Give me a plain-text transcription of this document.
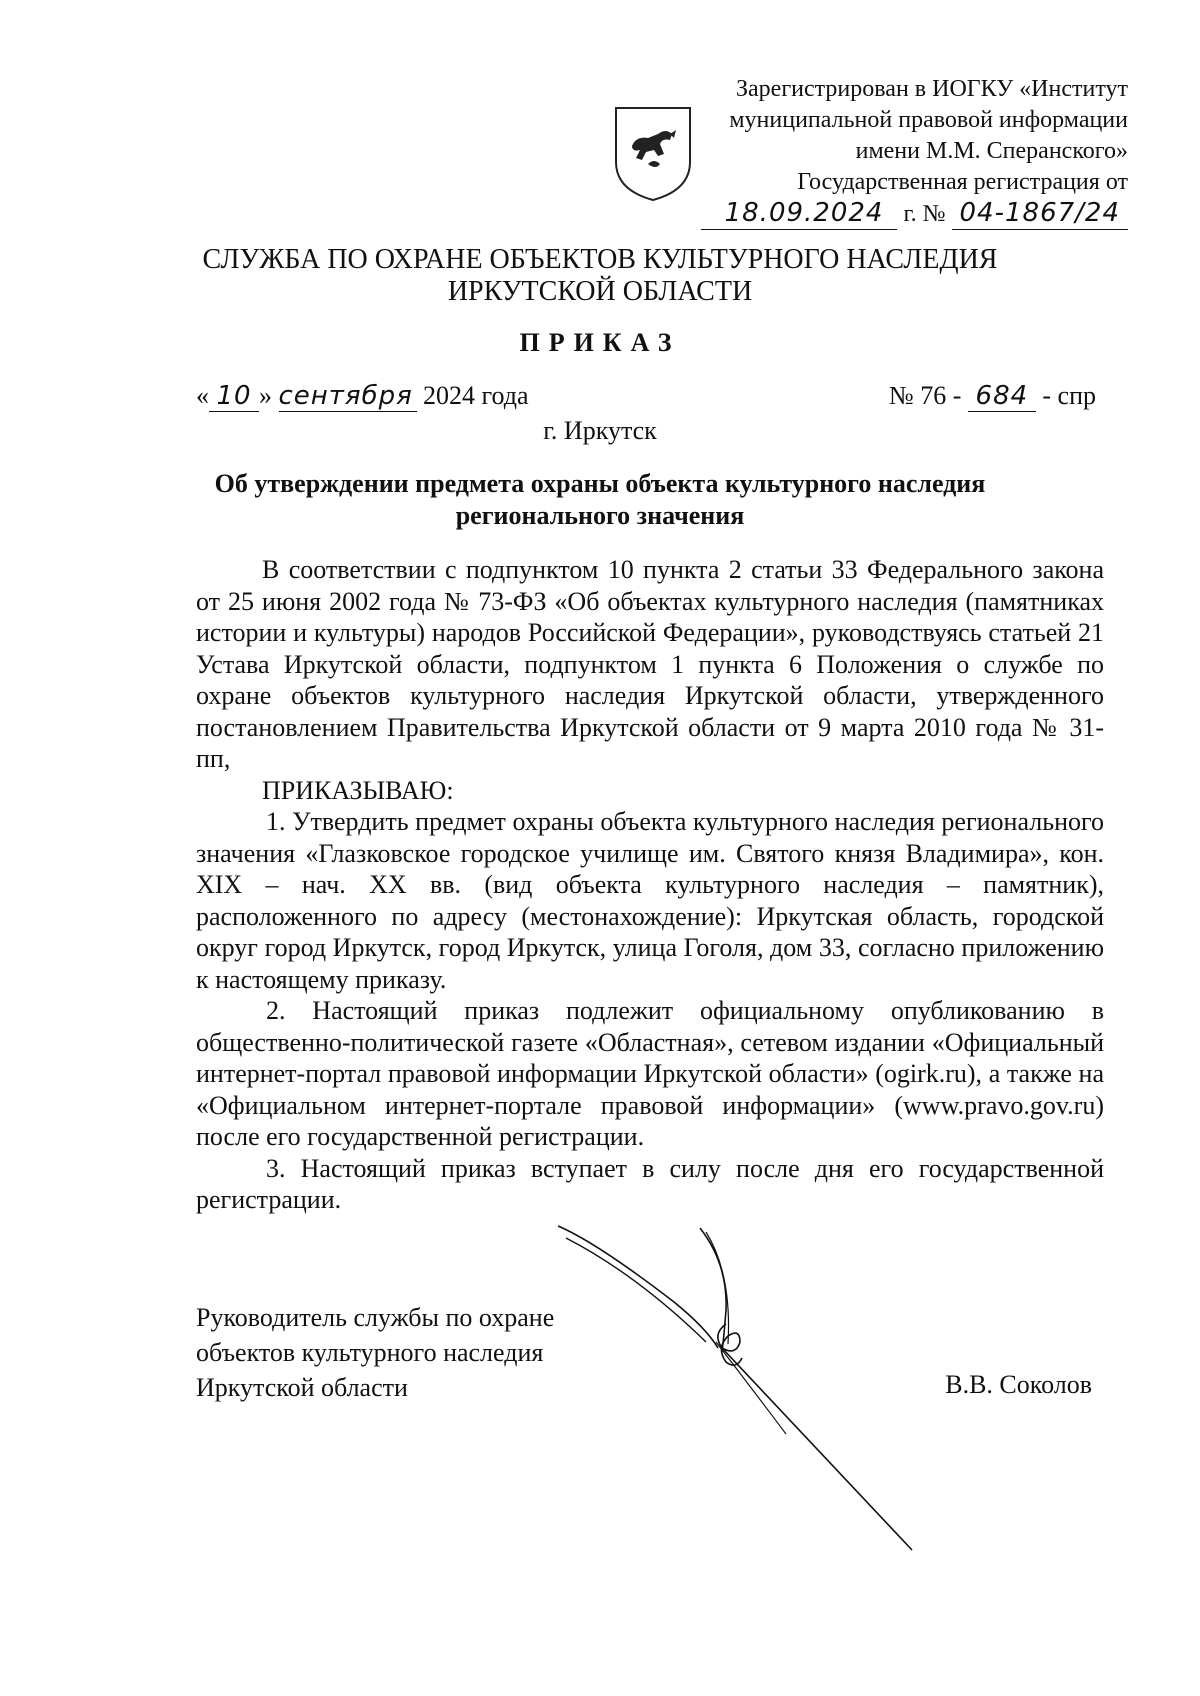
Зарегистрирован в ИОГКУ «Институт
муниципальной правовой информации
имени М.М. Сперанского»
Государственная регистрация от
18.09.2024 г. № 04-1867/24
СЛУЖБА ПО ОХРАНЕ ОБЪЕКТОВ КУЛЬТУРНОГО НАСЛЕДИЯ
ИРКУТСКОЙ ОБЛАСТИ
ПРИКАЗ
« 10 » сентября 2024 года	№ 76 - 684 - спр
г. Иркутск
Об утверждении предмета охраны объекта культурного наследия
регионального значения

В соответствии с подпунктом 10 пункта 2 статьи 33 Федерального закона от 25 июня 2002 года № 73-ФЗ «Об объектах культурного наследия (памятниках истории и культуры) народов Российской Федерации», руководствуясь статьей 21 Устава Иркутской области, подпунктом 1 пункта 6 Положения о службе по охране объектов культурного наследия Иркутской области, утвержденного постановлением Правительства Иркутской области от 9 марта 2010 года № 31-пп,

ПРИКАЗЫВАЮ:

1. Утвердить предмет охраны объекта культурного наследия регионального значения «Глазковское городское училище им. Святого князя Владимира», кон. XIX – нач. XX вв. (вид объекта культурного наследия – памятник), расположенного по адресу (местонахождение): Иркутская область, городской округ город Иркутск, город Иркутск, улица Гоголя, дом 33, согласно приложению к настоящему приказу.

2. Настоящий приказ подлежит официальному опубликованию в общественно-политической газете «Областная», сетевом издании «Официальный интернет-портал правовой информации Иркутской области» (ogirk.ru), а также на «Официальном интернет-портале правовой информации» (www.pravo.gov.ru) после его государственной регистрации.

3. Настоящий приказ вступает в силу после дня его государственной регистрации.

Руководитель службы по охране
объектов культурного наследия
Иркутской области	В.В. Соколов
